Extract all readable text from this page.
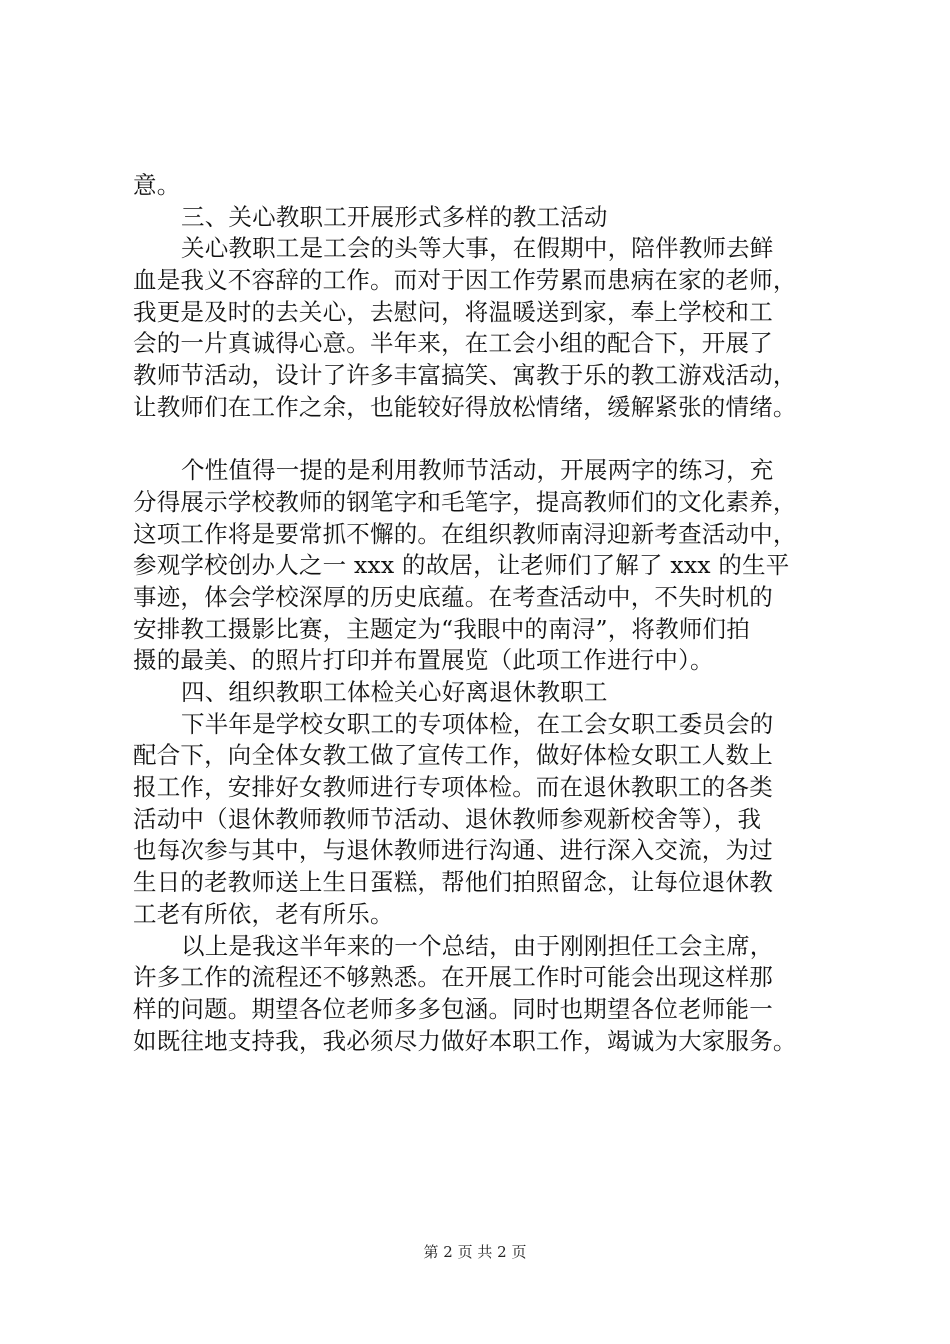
意。
三、关心教职工开展形式多样的教工活动
关心教职工是工会的头等大事，在假期中，陪伴教师去鲜
血是我义不容辞的工作。而对于因工作劳累而患病在家的老师，
我更是及时的去关心，去慰问，将温暖送到家，奉上学校和工
会的一片真诚得心意。半年来，在工会小组的配合下，开展了
教师节活动，设计了许多丰富搞笑、寓教于乐的教工游戏活动，
让教师们在工作之余，也能较好得放松情绪，缓解紧张的情绪。
个性值得一提的是利用教师节活动，开展两字的练习，充
分得展示学校教师的钢笔字和毛笔字，提高教师们的文化素养，
这项工作将是要常抓不懈的。在组织教师南浔迎新考查活动中，
参观学校创办人之一 xxx 的故居，让老师们了解了 xxx 的生平
事迹，体会学校深厚的历史底蕴。在考查活动中，不失时机的
安排教工摄影比赛，主题定为“我眼中的南浔”，将教师们拍
摄的最美、的照片打印并布置展览（此项工作进行中）。
四、组织教职工体检关心好离退休教职工
下半年是学校女职工的专项体检，在工会女职工委员会的
配合下，向全体女教工做了宣传工作，做好体检女职工人数上
报工作，安排好女教师进行专项体检。而在退休教职工的各类
活动中（退休教师教师节活动、退休教师参观新校舍等），我
也每次参与其中，与退休教师进行沟通、进行深入交流，为过
生日的老教师送上生日蛋糕，帮他们拍照留念，让每位退休教
工老有所依，老有所乐。
以上是我这半年来的一个总结，由于刚刚担任工会主席，
许多工作的流程还不够熟悉。在开展工作时可能会出现这样那
样的问题。期望各位老师多多包涵。同时也期望各位老师能一
如既往地支持我，我必须尽力做好本职工作，竭诚为大家服务。
第 2 页 共 2 页
